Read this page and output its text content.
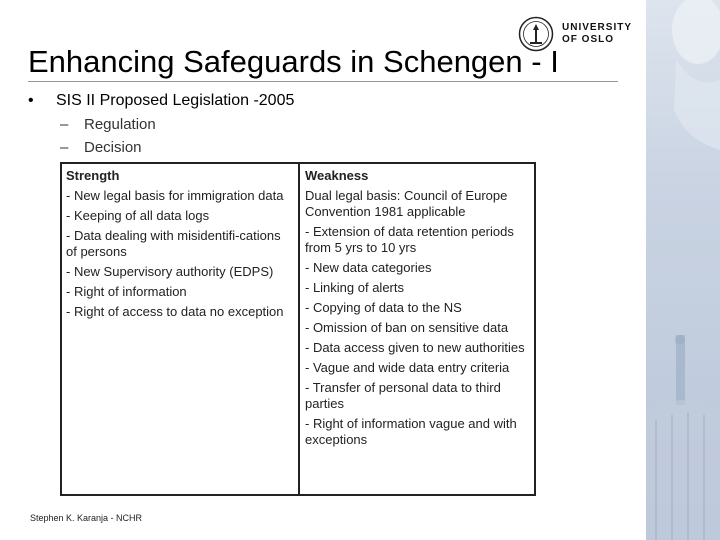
UNIVERSITY
OF OSLO
Enhancing Safeguards in Schengen - I
• SIS II Proposed Legislation -2005
– Regulation
– Decision
Strength
- New legal basis for immigration data
- Keeping of all data logs
- Data dealing with misidentifi-cations of persons
- New Supervisory authority (EDPS)
- Right of information
- Right of access to data no exception
Weakness
Dual legal basis: Council of Europe Convention 1981 applicable
- Extension of data retention periods from 5 yrs to 10 yrs
- New data categories
- Linking of alerts
- Copying of data to the NS
- Omission of ban on sensitive data
- Data access given to new authorities
- Vague and wide data entry criteria
- Transfer of personal data to third parties
- Right of information vague and with exceptions
Stephen K. Karanja - NCHR
